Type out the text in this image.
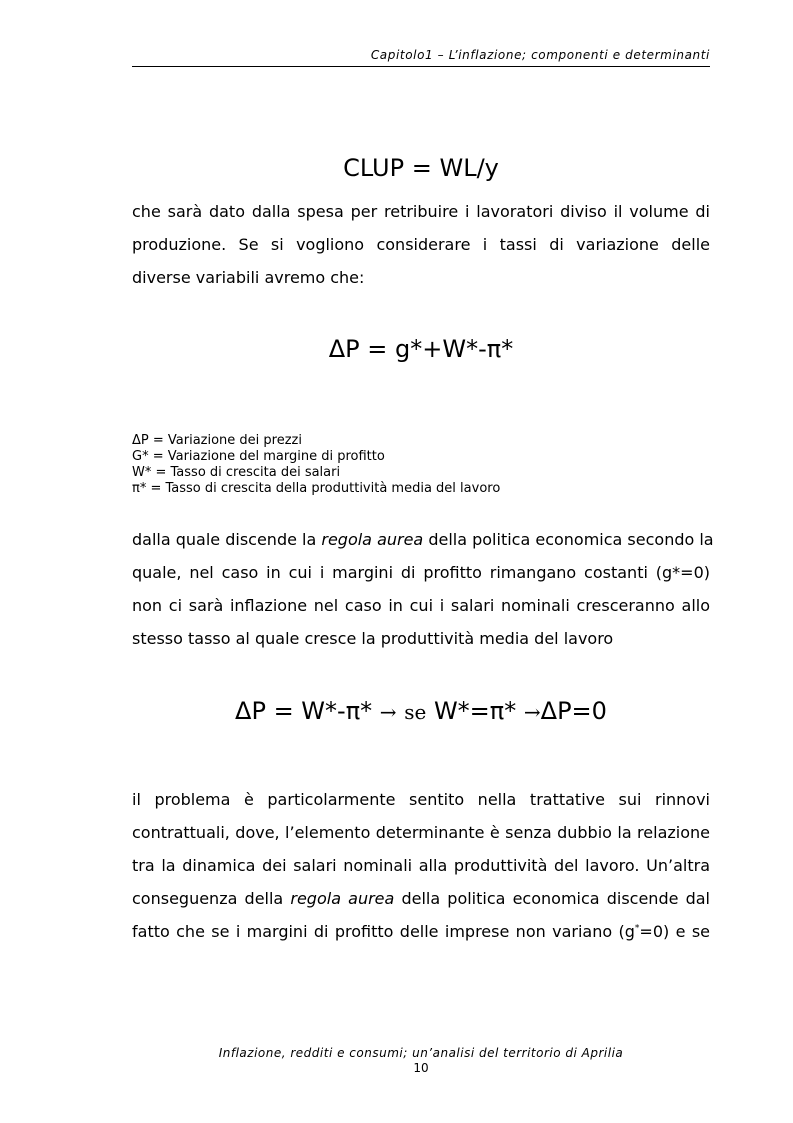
Capitolo1 – L’inflazione; componenti e determinanti
CLUP = WL/y

che sarà dato dalla spesa per retribuire i lavoratori diviso il volume di
produzione. Se si vogliono considerare i tassi di variazione delle
diverse variabili avremo che:

ΔP = g*+W*-π*
ΔP = Variazione dei prezzi
G* = Variazione del margine di profitto
W* = Tasso di crescita dei salari
π* = Tasso di crescita della produttività media del lavoro

dalla quale discende la regola aurea della politica economica secondo la
quale, nel caso in cui i margini di profitto rimangano costanti (g*=0)
non ci sarà inflazione nel caso in cui i salari nominali cresceranno allo
stesso tasso al quale cresce la produttività media del lavoro

ΔP = W*-π* → se W*=π* →ΔP=0

il problema è particolarmente sentito nella trattative sui rinnovi
contrattuali, dove, l’elemento determinante è senza dubbio la relazione
tra la dinamica dei salari nominali alla produttività del lavoro. Un’altra
conseguenza della regola aurea della politica economica discende dal
fatto che se i margini di profitto delle imprese non variano (g*=0) e se

Inflazione, redditi e consumi; un’analisi del territorio di Aprilia
10
